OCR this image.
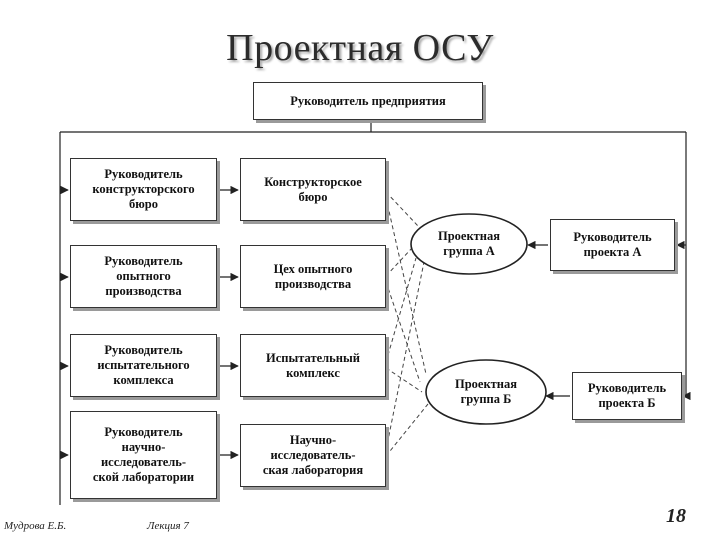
Проектная ОСУ
Руководитель предприятия
Руководитель
конструкторского
бюро
Руководитель
опытного
производства
Руководитель
испытательного
комплекса
Руководитель
научно-
исследователь-
ской лаборатории
Конструкторское
бюро
Цех опытного
производства
Испытательный
комплекс
Научно-
исследователь-
ская лаборатория
Проектная
группа А
Проектная
группа Б
Руководитель
проекта А
Руководитель
проекта Б
Мудрова Е.Б.	Лекция 7	18
